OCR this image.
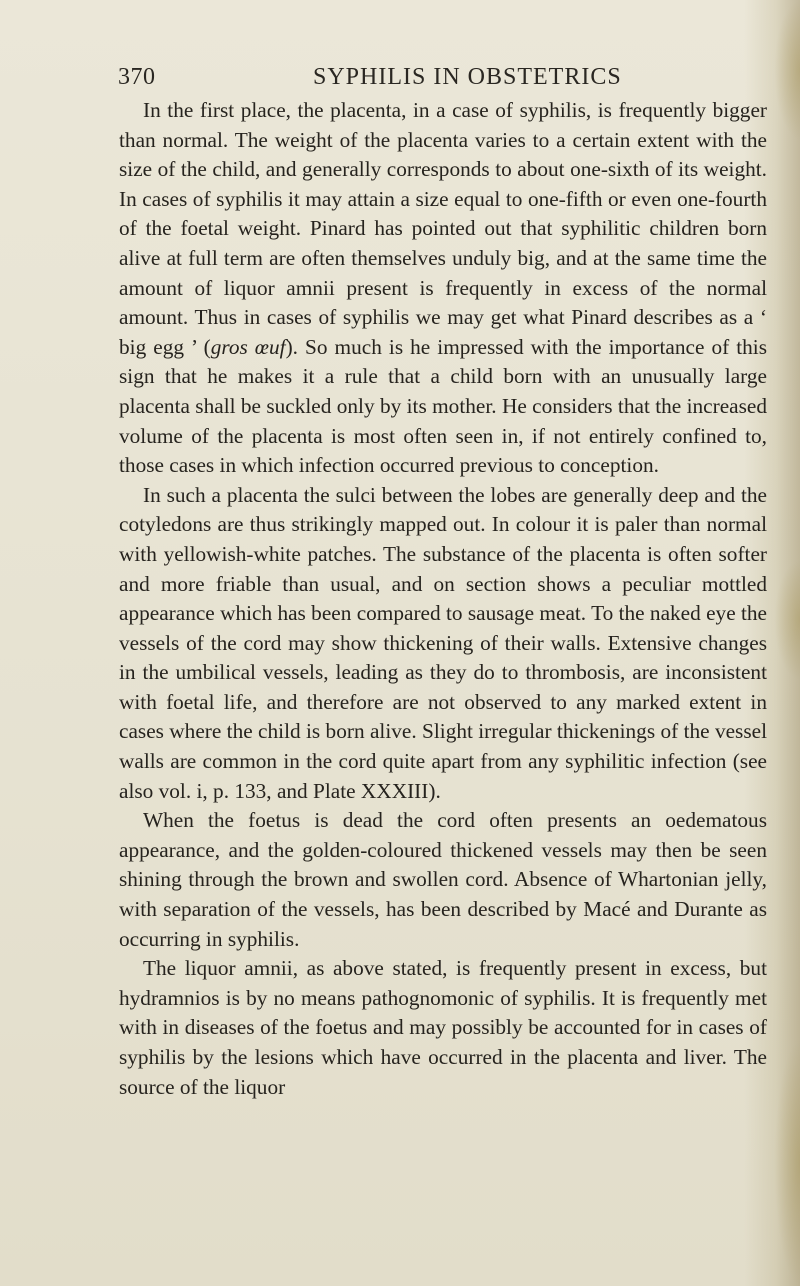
370	SYPHILIS IN OBSTETRICS

In the first place, the placenta, in a case of syphilis, is frequently bigger than normal. The weight of the placenta varies to a certain extent with the size of the child, and generally corresponds to about one-sixth of its weight. In cases of syphilis it may attain a size equal to one-fifth or even one-fourth of the foetal weight. Pinard has pointed out that syphilitic children born alive at full term are often themselves unduly big, and at the same time the amount of liquor amnii present is frequently in excess of the normal amount. Thus in cases of syphilis we may get what Pinard describes as a ‘ big egg ’ (gros œuf). So much is he impressed with the importance of this sign that he makes it a rule that a child born with an unusually large placenta shall be suckled only by its mother. He considers that the increased volume of the placenta is most often seen in, if not entirely confined to, those cases in which infection occurred previous to conception.

In such a placenta the sulci between the lobes are generally deep and the cotyledons are thus strikingly mapped out. In colour it is paler than normal with yellowish-white patches. The substance of the placenta is often softer and more friable than usual, and on section shows a peculiar mottled appearance which has been compared to sausage meat. To the naked eye the vessels of the cord may show thickening of their walls. Extensive changes in the umbilical vessels, leading as they do to thrombosis, are inconsistent with foetal life, and therefore are not observed to any marked extent in cases where the child is born alive. Slight irregular thickenings of the vessel walls are common in the cord quite apart from any syphilitic infection (see also vol. i, p. 133, and Plate XXXIII).

When the foetus is dead the cord often presents an oedematous appearance, and the golden-coloured thickened vessels may then be seen shining through the brown and swollen cord. Absence of Whartonian jelly, with separation of the vessels, has been described by Macé and Durante as occurring in syphilis.

The liquor amnii, as above stated, is frequently present in excess, but hydramnios is by no means pathognomonic of syphilis. It is frequently met with in diseases of the foetus and may possibly be accounted for in cases of syphilis by the lesions which have occurred in the placenta and liver. The source of the liquor
